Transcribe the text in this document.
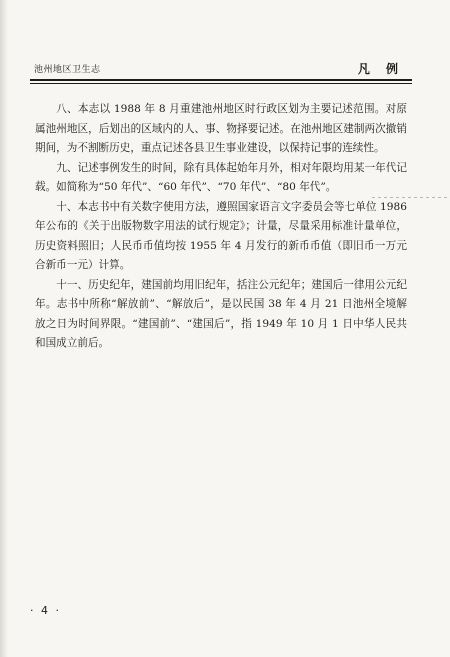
池州地区卫生志	凡 例

八、本志以 1988 年 8 月重建池州地区时行政区划为主要记述范围。对原属池州地区，后划出的区域内的人、事、物择要记述。在池州地区建制两次撤销期间，为不割断历史，重点记述各县卫生事业建设，以保持记事的连续性。

九、记述事例发生的时间，除有具体起始年月外，相对年限均用某一年代记载。如简称为“50 年代”、“60 年代”、“70 年代”、“80 年代”。

十、本志书中有关数字使用方法，遵照国家语言文字委员会等七单位 1986 年公布的《关于出版物数字用法的试行规定》；计量，尽量采用标准计量单位，历史资料照旧；人民币币值均按 1955 年 4 月发行的新币币值（即旧币一万元合新币一元）计算。

十一、历史纪年，建国前均用旧纪年，括注公元纪年；建国后一律用公元纪年。志书中所称“解放前”、“解放后”，是以民国 38 年 4 月 21 日池州全境解放之日为时间界限。“建国前”、“建国后”，指 1949 年 10 月 1 日中华人民共和国成立前后。

· 4 ·
